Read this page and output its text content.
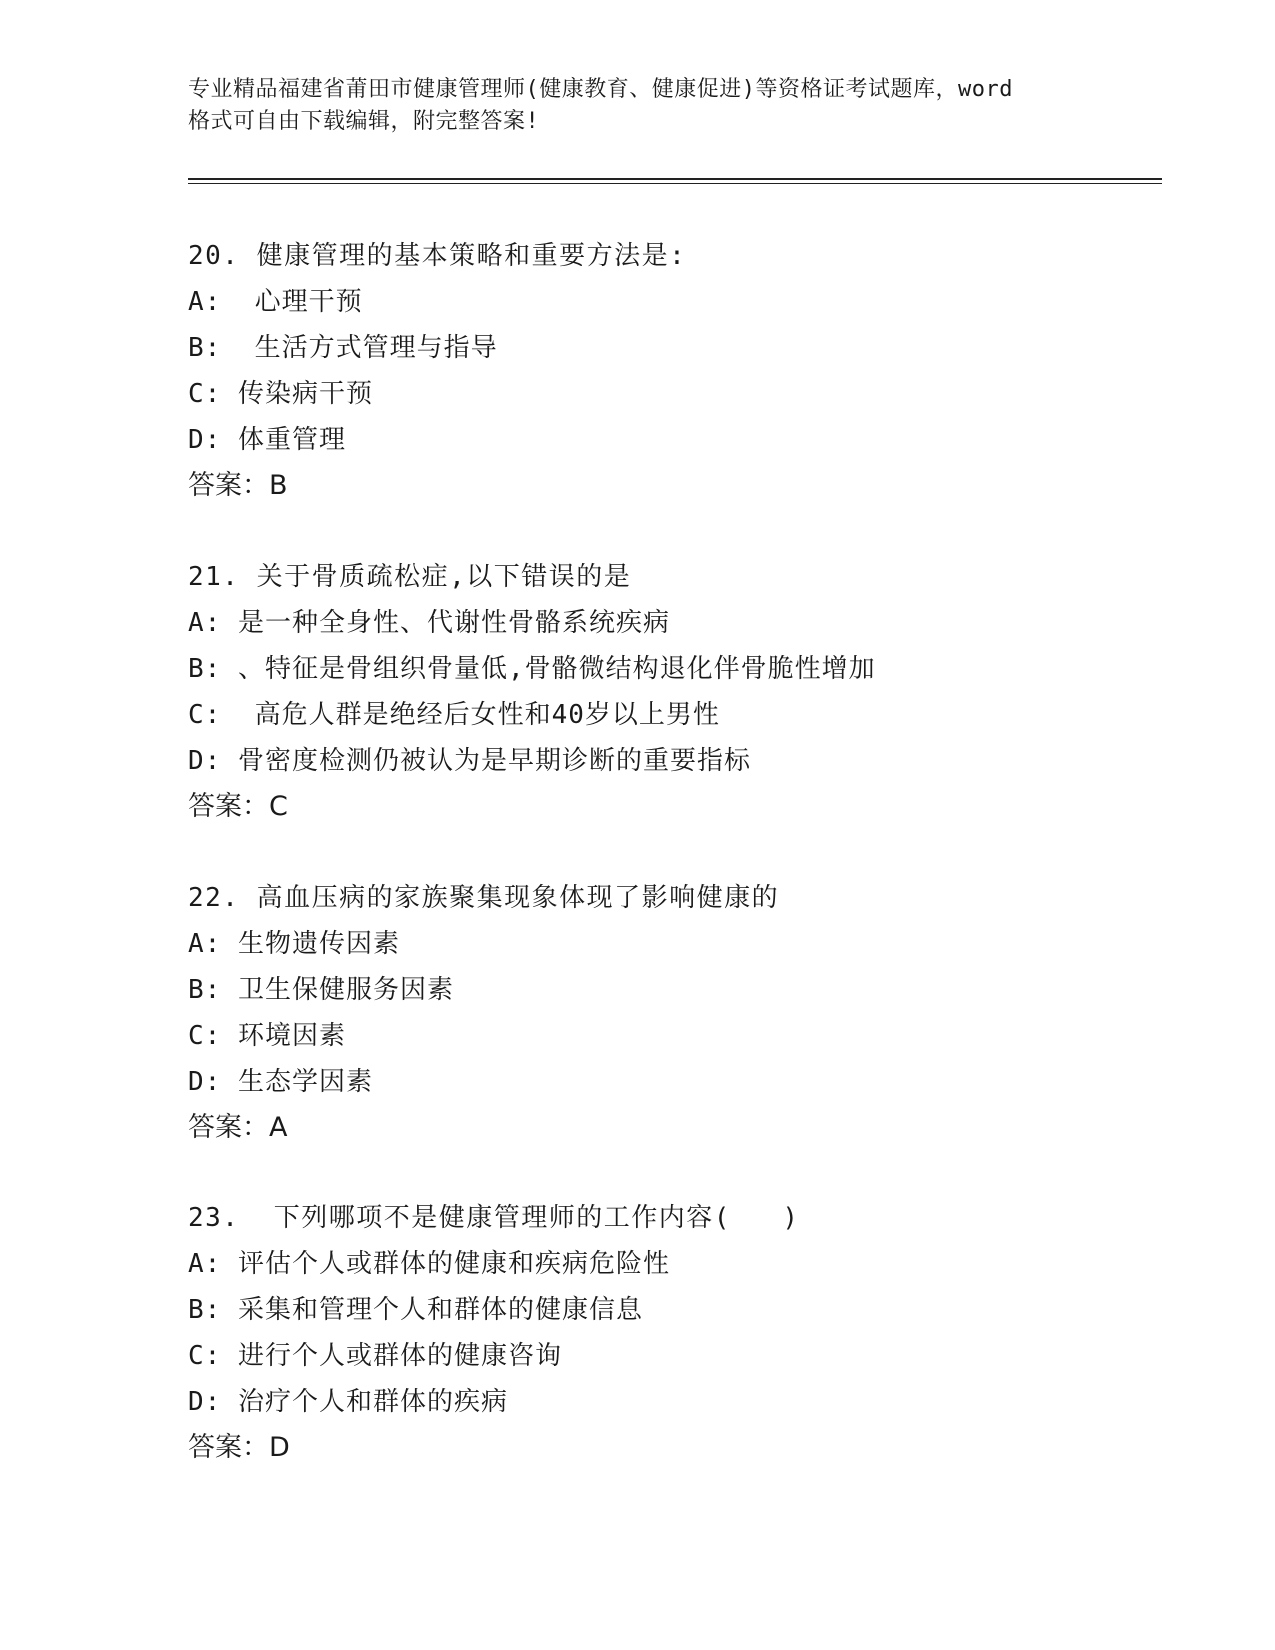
专业精品福建省莆田市健康管理师(健康教育、健康促进)等资格证考试题库，word
格式可自由下载编辑，附完整答案!
20. 健康管理的基本策略和重要方法是:
A:  心理干预
B:  生活方式管理与指导
C: 传染病干预
D: 体重管理
答案：B
21. 关于骨质疏松症,以下错误的是
A: 是一种全身性、代谢性骨骼系统疾病
B: 、特征是骨组织骨量低,骨骼微结构退化伴骨脆性增加
C:  高危人群是绝经后女性和40岁以上男性
D: 骨密度检测仍被认为是早期诊断的重要指标
答案：C
22. 高血压病的家族聚集现象体现了影响健康的
A: 生物遗传因素
B: 卫生保健服务因素
C: 环境因素
D: 生态学因素
答案：A
23.  下列哪项不是健康管理师的工作内容(   )
A: 评估个人或群体的健康和疾病危险性
B: 采集和管理个人和群体的健康信息
C: 进行个人或群体的健康咨询
D: 治疗个人和群体的疾病
答案：D
